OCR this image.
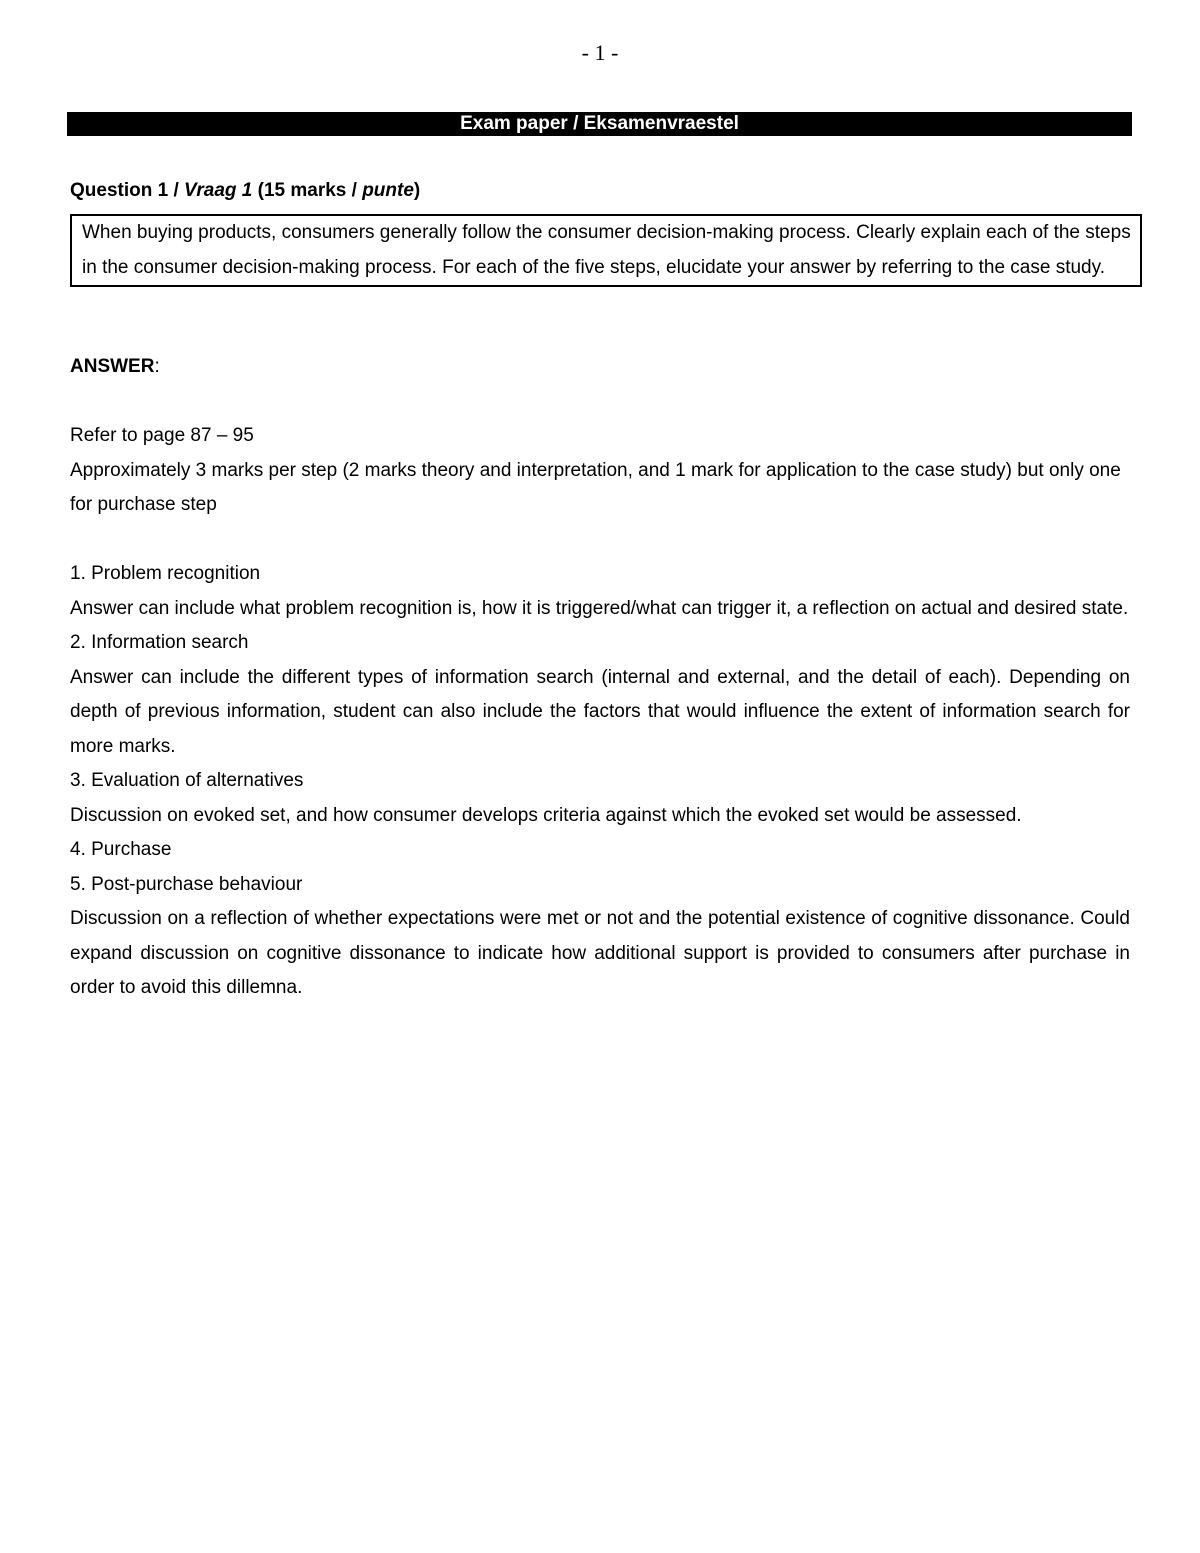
- 1 -
Exam paper / Eksamenvraestel
Question 1 / Vraag 1 (15 marks / punte)
When buying products, consumers generally follow the consumer decision-making process. Clearly explain each of the steps in the consumer decision-making process. For each of the five steps, elucidate your answer by referring to the case study.

ANSWER:

Refer to page 87 – 95

Approximately 3 marks per step (2 marks theory and interpretation, and 1 mark for application to the case study) but only one for purchase step

1. Problem recognition

Answer can include what problem recognition is, how it is triggered/what can trigger it, a reflection on actual and desired state.

2. Information search

Answer can include the different types of information search (internal and external, and the detail of each). Depending on depth of previous information, student can also include the factors that would influence the extent of information search for more marks.

3. Evaluation of alternatives

Discussion on evoked set, and how consumer develops criteria against which the evoked set would be assessed.

4. Purchase

5. Post-purchase behaviour

Discussion on a reflection of whether expectations were met or not and the potential existence of cognitive dissonance. Could expand discussion on cognitive dissonance to indicate how additional support is provided to consumers after purchase in order to avoid this dillemna.
